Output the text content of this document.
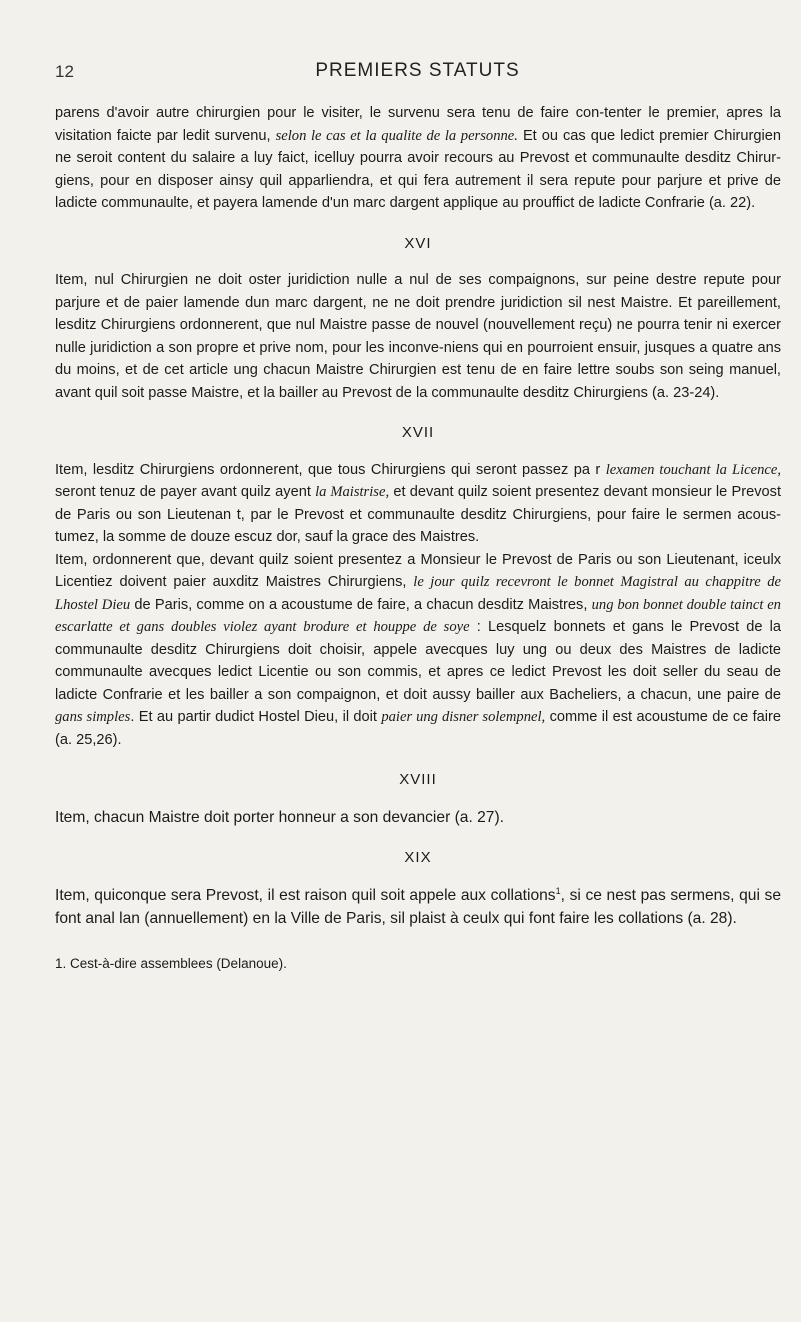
12	PREMIERS STATUTS

parens d'avoir autre chirurgien pour le visiter, le survenu sera tenu de faire con-tenter le premier, apres la visitation faicte par ledit survenu, selon le cas et la qualite de la personne. Et ou cas que ledict premier Chirurgien ne seroit content du salaire a luy faict, icelluy pourra avoir recours au Prevost et communaulte desditz Chirur-giens, pour en disposer ainsy quil apparliendra, et qui fera autrement il sera repute pour parjure et prive de ladicte communaulte, et payera lamende d'un marc dargent applique au prouffict de ladicte Confrarie (a. 22).

XVI

Item, nul Chirurgien ne doit oster juridiction nulle a nul de ses compaignons, sur peine destre repute pour parjure et de paier lamende dun marc dargent, ne ne doit prendre juridiction sil nest Maistre. Et pareillement, lesditz Chirurgiens ordonnerent, que nul Maistre passe de nouvel (nouvellement reçu) ne pourra tenir ni exercer nulle juridiction a son propre et prive nom, pour les inconve-niens qui en pourroient ensuir, jusques a quatre ans du moins, et de cet article ung chacun Maistre Chirurgien est tenu de en faire lettre soubs son seing manuel, avant quil soit passe Maistre, et la bailler au Prevost de la communaulte desditz Chirurgiens (a. 23-24).

XVII

Item, lesditz Chirurgiens ordonnerent, que tous Chirurgiens qui seront passez pa r lexamen touchant la Licence, seront tenuz de payer avant quilz ayent la Maistrise, et devant quilz soient presentez devant monsieur le Prevost de Paris ou son Lieutenan t, par le Prevost et communaulte desditz Chirurgiens, pour faire le sermen acous-tumez, la somme de douze escuz dor, sauf la grace des Maistres.

Item, ordonnerent que, devant quilz soient presentez a Monsieur le Prevost de Paris ou son Lieutenant, iceulx Licentiez doivent paier auxditz Maistres Chirurgiens, le jour quilz recevront le bonnet Magistral au chappitre de Lhostel Dieu de Paris, comme on a acoustume de faire, a chacun desditz Maistres, ung bon bonnet double tainct en escarlatte et gans doubles violez ayant brodure et houppe de soye : Lesquelz bonnets et gans le Prevost de la communaulte desditz Chirurgiens doit choisir, appele avecques luy ung ou deux des Maistres de ladicte communaulte avecques ledict Licentie ou son commis, et apres ce ledict Prevost les doit seller du seau de ladicte Confrarie et les bailler a son compaignon, et doit aussy bailler aux Bacheliers, a chacun, une paire de gans simples. Et au partir dudict Hostel Dieu, il doit paier ung disner solempnel, comme il est acoustume de ce faire (a. 25,26).

XVIII

Item, chacun Maistre doit porter honneur a son devancier (a. 27).

XIX

Item, quiconque sera Prevost, il est raison quil soit appele aux collations$^1$, si ce nest pas sermens, qui se font anal lan (annuellement) en la Ville de Paris, sil plaist à ceulx qui font faire les collations (a. 28).

1. Cest-à-dire assemblees (Delanoue).
